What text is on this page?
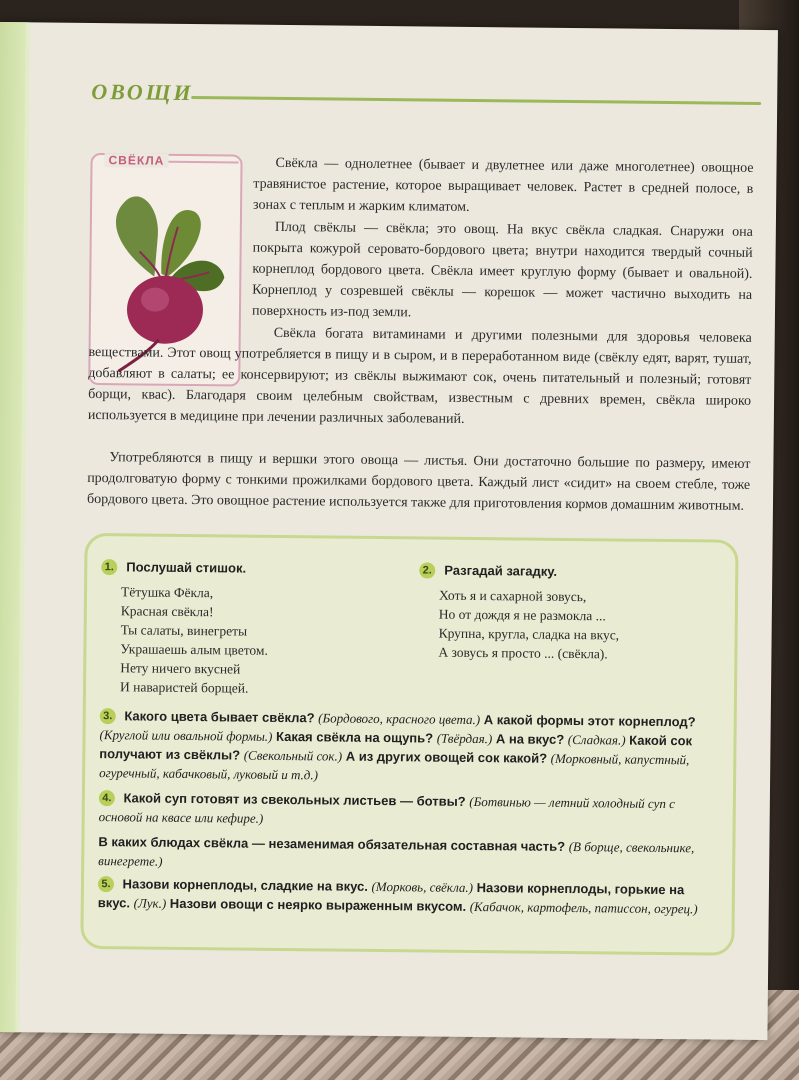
ОВОЩИ
СВЁКЛА	Свёкла — однолетнее (бывает и двулетнее или даже многолетнее) овощное травянистое растение, которое выращивает человек. Растет в средней полосе, в зонах с теплым и жарким климатом.

Плод свёклы — свёкла; это овощ. На вкус свёкла сладкая. Снаружи она покрыта кожурой серовато-бордового цвета; внутри находится твердый сочный корнеплод бордового цвета. Свёкла имеет круглую форму (бывает и овальной). Корнеплод у созревшей свёклы — корешок — может частично выходить на поверхность из-под земли.

Свёкла богата витаминами и другими полезными для здоровья человека веществами. Этот овощ употребляется в пищу и в сыром, и в переработанном виде (свёклу едят, варят, тушат, добавляют в салаты; ее консервируют; из свёклы выжимают сок, очень питательный и полезный; готовят борщи, квас). Благодаря своим целебным свойствам, известным с древних времен, свёкла широко используется в медицине при лечении различных заболеваний.

Употребляются в пищу и вершки этого овоща — листья. Они достаточно большие по размеру, имеют продолговатую форму с тонкими прожилками бордового цвета. Каждый лист «сидит» на своем стебле, тоже бордового цвета. Это овощное растение используется также для приготовления кормов домашним животным.

1. Послушай стишок.
Тётушка Фёкла,
Красная свёкла!
Ты салаты, винегреты
Украшаешь алым цветом.
Нету ничего вкусней
И наваристей борщей.
2. Разгадай загадку.
Хоть я и сахарной зовусь,
Но от дождя я не размокла ...
Крупна, кругла, сладка на вкус,
А зовусь я просто ... (свёкла).
3. Какого цвета бывает свёкла? (Бордового, красного цвета.) А какой формы этот корнеплод? (Круглой или овальной формы.) Какая свёкла на ощупь? (Твёрдая.) А на вкус? (Сладкая.) Какой сок получают из свёклы? (Свекольный сок.) А из других овощей сок какой? (Морковный, капустный, огуречный, кабачковый, луковый и т.д.)
4. Какой суп готовят из свекольных листьев — ботвы? (Ботвинью — летний холодный суп с основой на квасе или кефире.)
В каких блюдах свёкла — незаменимая обязательная составная часть? (В борще, свекольнике, винегрете.)
5. Назови корнеплоды, сладкие на вкус. (Морковь, свёкла.) Назови корнеплоды, горькие на вкус. (Лук.) Назови овощи с неярко выраженным вкусом. (Кабачок, картофель, патиссон, огурец.)
